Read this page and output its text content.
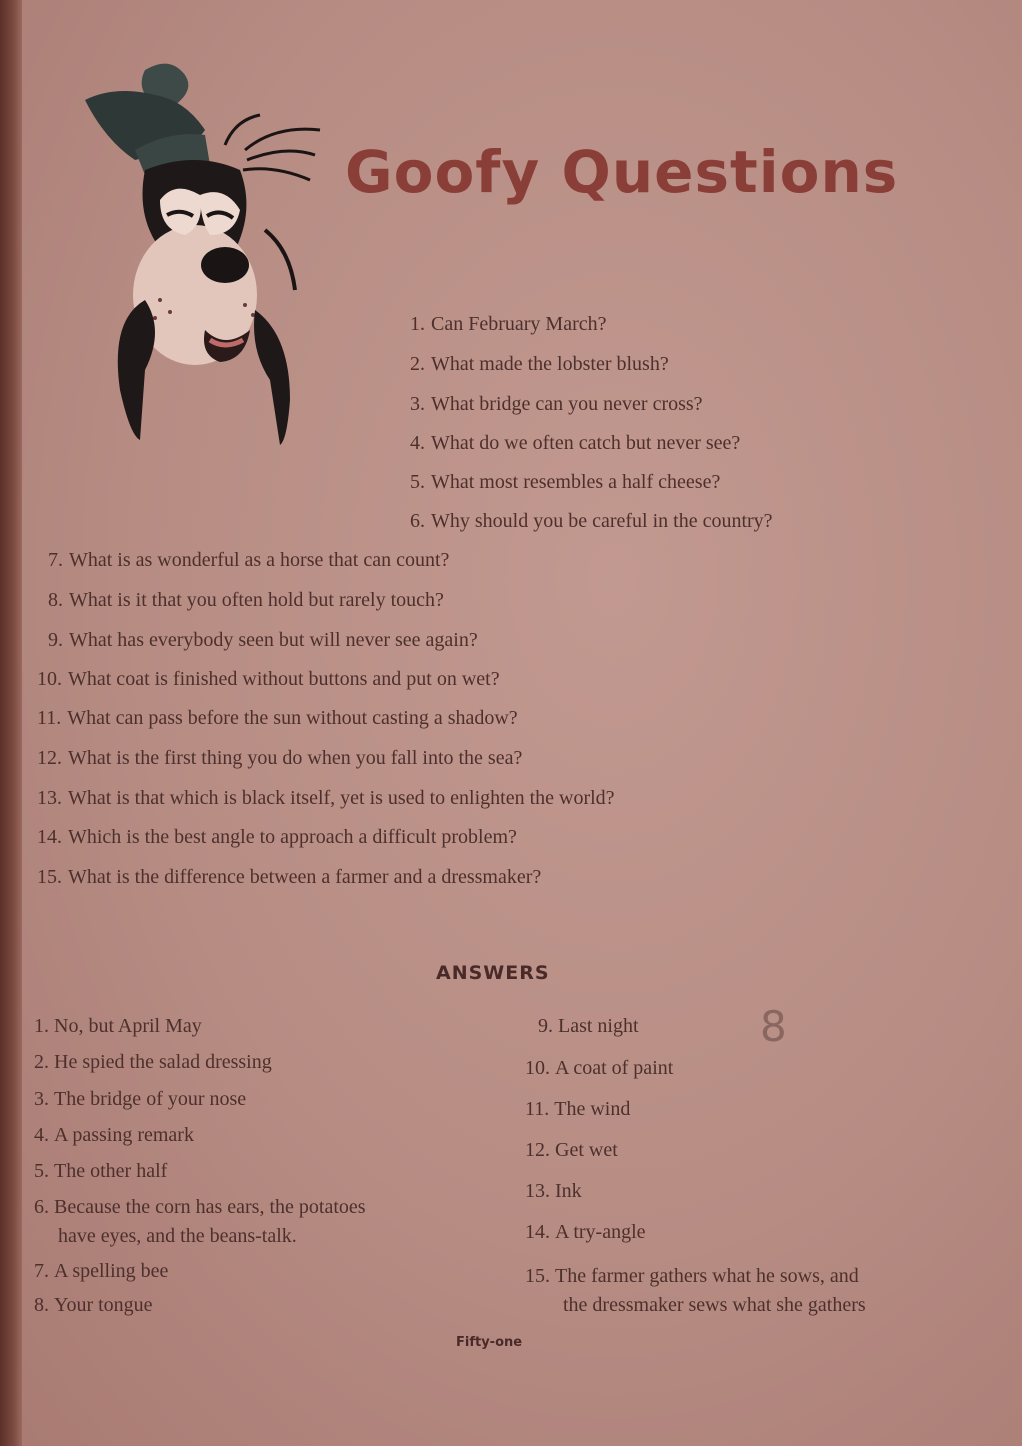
Goofy Questions
1. Can February March?
2. What made the lobster blush?
3. What bridge can you never cross?
4. What do we often catch but never see?
5. What most resembles a half cheese?
6. Why should you be careful in the country?
7. What is as wonderful as a horse that can count?
8. What is it that you often hold but rarely touch?
9. What has everybody seen but will never see again?
10. What coat is finished without buttons and put on wet?
11. What can pass before the sun without casting a shadow?
12. What is the first thing you do when you fall into the sea?
13. What is that which is black itself, yet is used to enlighten the world?
14. Which is the best angle to approach a difficult problem?
15. What is the difference between a farmer and a dressmaker?
ANSWERS
1. No, but April May
2. He spied the salad dressing
3. The bridge of your nose
4. A passing remark
5. The other half
6. Because the corn has ears, the potatoes
have eyes, and the beans-talk.
7. A spelling bee
8. Your tongue
9. Last night
10. A coat of paint
11. The wind
12. Get wet
13. Ink
14. A try-angle
15. The farmer gathers what he sows, and
the dressmaker sews what she gathers
8
Fifty-one
